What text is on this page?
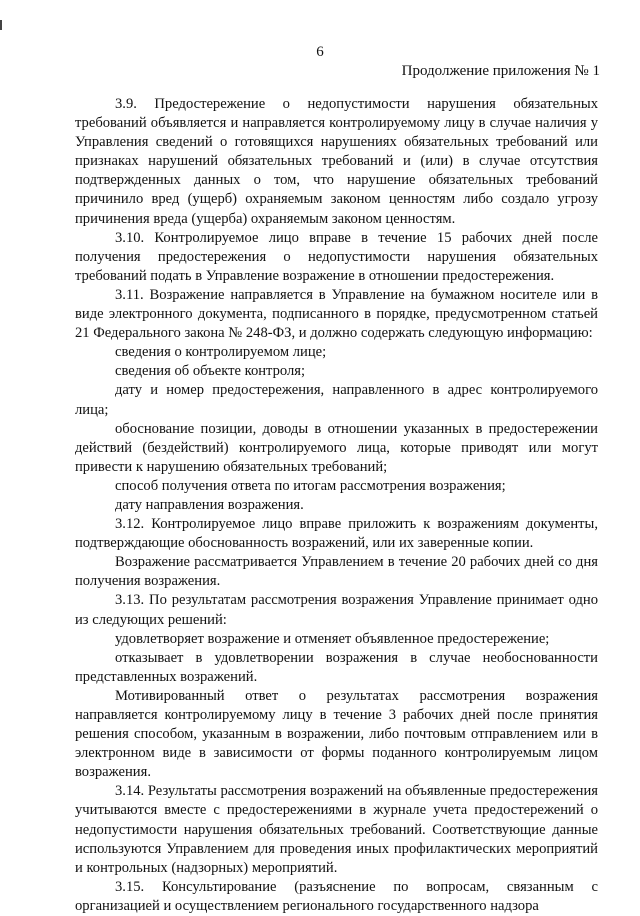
6
Продолжение приложения № 1

3.9. Предостережение о недопустимости нарушения обязательных требований объявляется и направляется контролируемому лицу в случае наличия у Управления сведений о готовящихся нарушениях обязательных требований или признаках нарушений обязательных требований и (или) в случае отсутствия подтвержденных данных о том, что нарушение обязательных требований причинило вред (ущерб) охраняемым законом ценностям либо создало угрозу причинения вреда (ущерба) охраняемым законом ценностям.

3.10. Контролируемое лицо вправе в течение 15 рабочих дней после получения предостережения о недопустимости нарушения обязательных требований подать в Управление возражение в отношении предостережения.

3.11. Возражение направляется в Управление на бумажном носителе или в виде электронного документа, подписанного в порядке, предусмотренном статьей 21 Федерального закона № 248-ФЗ, и должно содержать следующую информацию:

сведения о контролируемом лице;

сведения об объекте контроля;

дату и номер предостережения, направленного в адрес контролируемого лица;

обоснование позиции, доводы в отношении указанных в предостережении действий (бездействий) контролируемого лица, которые приводят или могут привести к нарушению обязательных требований;

способ получения ответа по итогам рассмотрения возражения;

дату направления возражения.

3.12. Контролируемое лицо вправе приложить к возражениям документы, подтверждающие обоснованность возражений, или их заверенные копии.

Возражение рассматривается Управлением в течение 20 рабочих дней со дня получения возражения.

3.13. По результатам рассмотрения возражения Управление принимает одно из следующих решений:

удовлетворяет возражение и отменяет объявленное предостережение;

отказывает в удовлетворении возражения в случае необоснованности представленных возражений.

Мотивированный ответ о результатах рассмотрения возражения направляется контролируемому лицу в течение 3 рабочих дней после принятия решения способом, указанным в возражении, либо почтовым отправлением или в электронном виде в зависимости от формы поданного контролируемым лицом возражения.

3.14. Результаты рассмотрения возражений на объявленные предостережения учитываются вместе с предостережениями в журнале учета предостережений о недопустимости нарушения обязательных требований. Соответствующие данные используются Управлением для проведения иных профилактических мероприятий и контрольных (надзорных) мероприятий.

3.15. Консультирование (разъяснение по вопросам, связанным с организацией и осуществлением регионального государственного надзора
